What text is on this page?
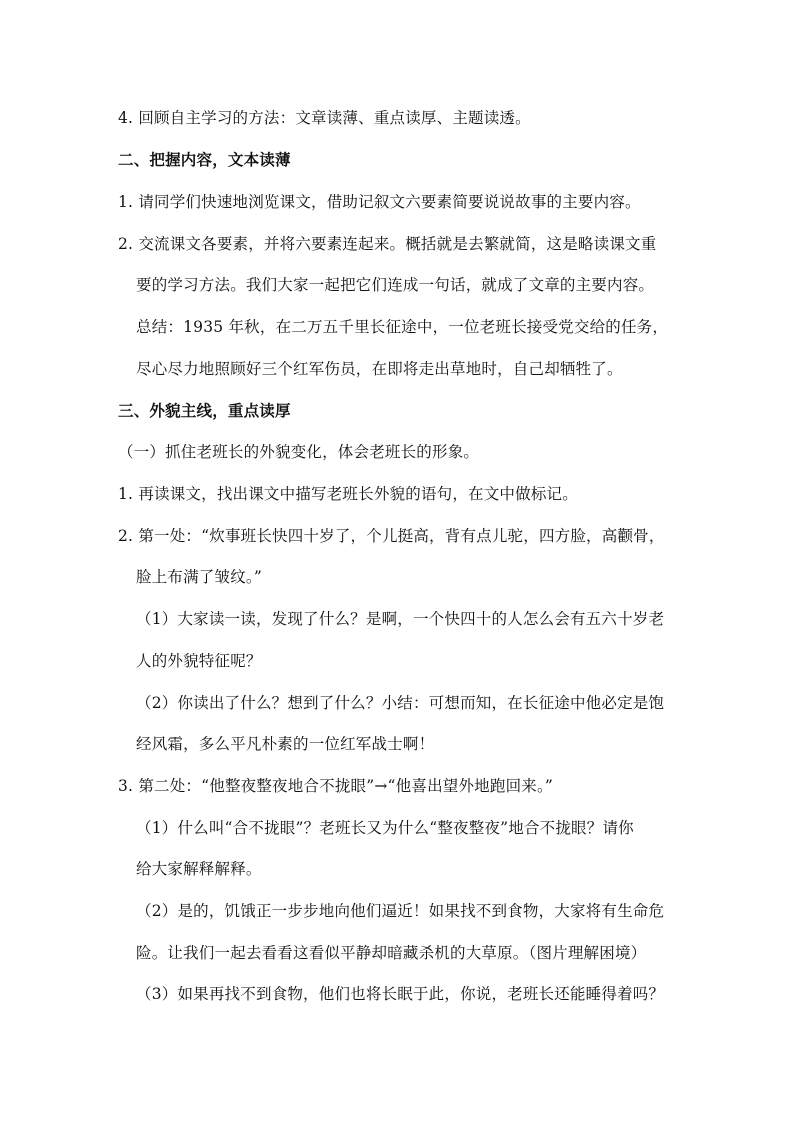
4. 回顾自主学习的方法：文章读薄、重点读厚、主题读透。
二、把握内容，文本读薄
1. 请同学们快速地浏览课文，借助记叙文六要素简要说说故事的主要内容。
2. 交流课文各要素，并将六要素连起来。概括就是去繁就简，这是略读课文重
要的学习方法。我们大家一起把它们连成一句话，就成了文章的主要内容。
总结：1935 年秋，在二万五千里长征途中，一位老班长接受党交给的任务，
尽心尽力地照顾好三个红军伤员，在即将走出草地时，自己却牺牲了。
三、外貌主线，重点读厚
（一）抓住老班长的外貌变化，体会老班长的形象。
1. 再读课文，找出课文中描写老班长外貌的语句，在文中做标记。
2. 第一处：“炊事班长快四十岁了，个儿挺高，背有点儿驼，四方脸，高颧骨，
脸上布满了皱纹。”
（1）大家读一读，发现了什么？是啊，一个快四十的人怎么会有五六十岁老
人的外貌特征呢？
（2）你读出了什么？想到了什么？小结：可想而知，在长征途中他必定是饱
经风霜，多么平凡朴素的一位红军战士啊！
3. 第二处：“他整夜整夜地合不拢眼”→“他喜出望外地跑回来。”
（1）什么叫“合不拢眼”？老班长又为什么“整夜整夜”地合不拢眼？请你
给大家解释解释。
（2）是的，饥饿正一步步地向他们逼近！如果找不到食物，大家将有生命危
险。让我们一起去看看这看似平静却暗藏杀机的大草原。（图片理解困境）
（3）如果再找不到食物，他们也将长眠于此，你说，老班长还能睡得着吗？
